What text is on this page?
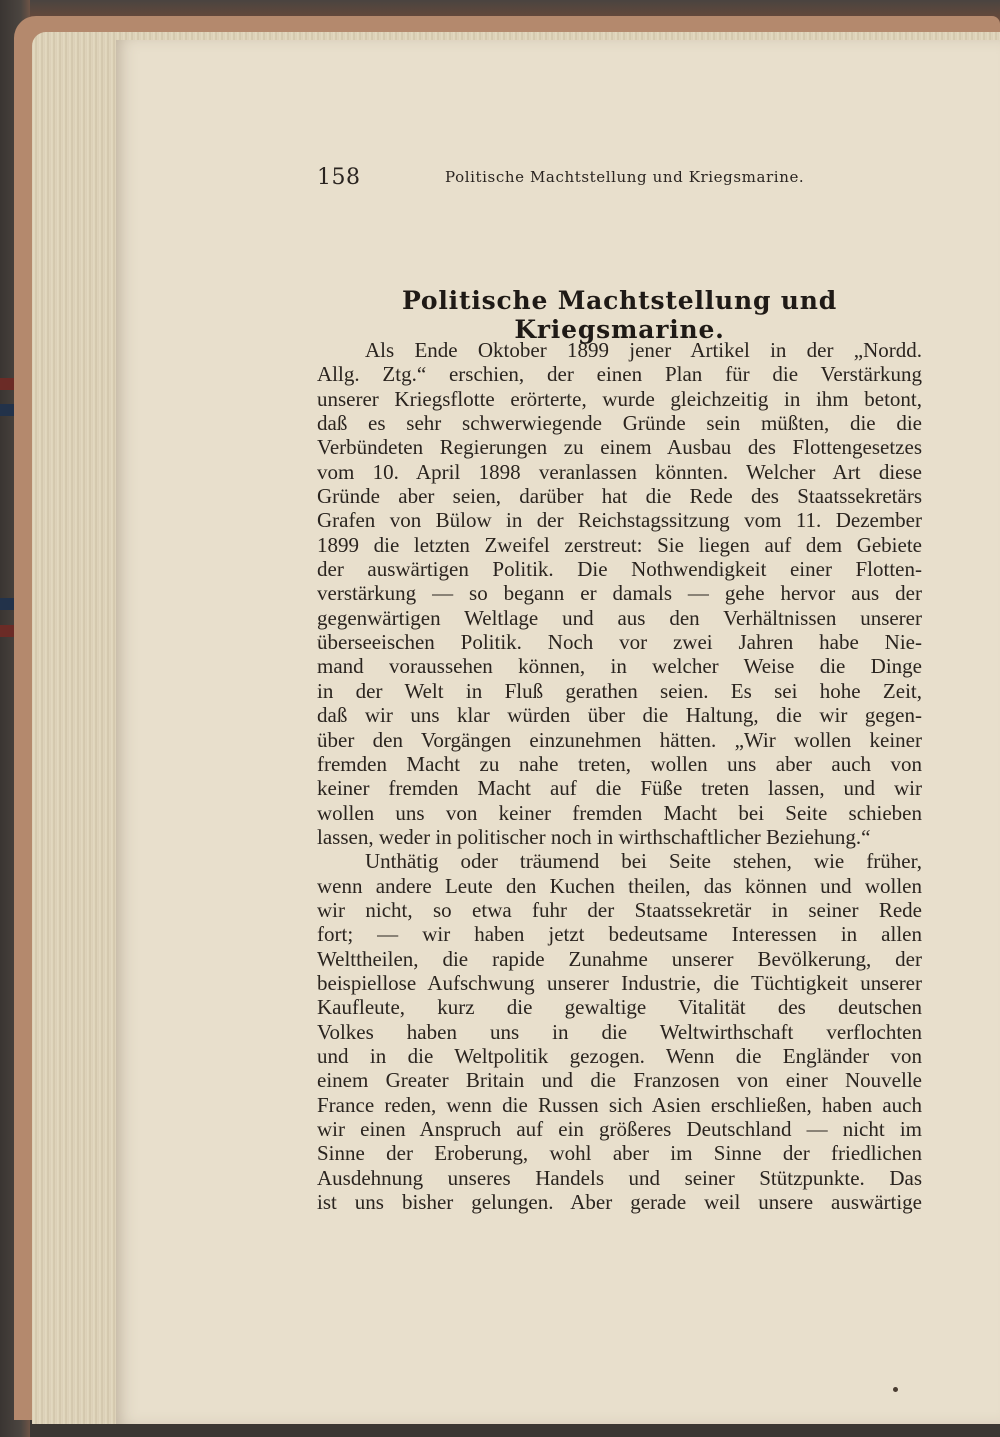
158	Politische Machtstellung und Kriegsmarine.
Politische Machtstellung und Kriegsmarine.
Als Ende Oktober 1899 jener Artikel in der „Nordd.
Allg. Ztg.“ erschien, der einen Plan für die Verstärkung
unserer Kriegsflotte erörterte, wurde gleichzeitig in ihm betont,
daß es sehr schwerwiegende Gründe sein müßten, die die
Verbündeten Regierungen zu einem Ausbau des Flottengesetzes
vom 10. April 1898 veranlassen könnten. Welcher Art diese
Gründe aber seien, darüber hat die Rede des Staatssekretärs
Grafen von Bülow in der Reichstagssitzung vom 11. Dezember
1899 die letzten Zweifel zerstreut: Sie liegen auf dem Gebiete
der auswärtigen Politik. Die Nothwendigkeit einer Flotten-
verstärkung — so begann er damals — gehe hervor aus der
gegenwärtigen Weltlage und aus den Verhältnissen unserer
überseeischen Politik. Noch vor zwei Jahren habe Nie-
mand voraussehen können, in welcher Weise die Dinge
in der Welt in Fluß gerathen seien. Es sei hohe Zeit,
daß wir uns klar würden über die Haltung, die wir gegen-
über den Vorgängen einzunehmen hätten. „Wir wollen keiner
fremden Macht zu nahe treten, wollen uns aber auch von
keiner fremden Macht auf die Füße treten lassen, und wir
wollen uns von keiner fremden Macht bei Seite schieben
lassen, weder in politischer noch in wirthschaftlicher Beziehung.“
Unthätig oder träumend bei Seite stehen, wie früher,
wenn andere Leute den Kuchen theilen, das können und wollen
wir nicht, so etwa fuhr der Staatssekretär in seiner Rede
fort; — wir haben jetzt bedeutsame Interessen in allen
Welttheilen, die rapide Zunahme unserer Bevölkerung, der
beispiellose Aufschwung unserer Industrie, die Tüchtigkeit unserer
Kaufleute, kurz die gewaltige Vitalität des deutschen
Volkes haben uns in die Weltwirthschaft verflochten
und in die Weltpolitik gezogen. Wenn die Engländer von
einem Greater Britain und die Franzosen von einer Nouvelle
France reden, wenn die Russen sich Asien erschließen, haben auch
wir einen Anspruch auf ein größeres Deutschland — nicht im
Sinne der Eroberung, wohl aber im Sinne der friedlichen
Ausdehnung unseres Handels und seiner Stützpunkte. Das
ist uns bisher gelungen. Aber gerade weil unsere auswärtige
